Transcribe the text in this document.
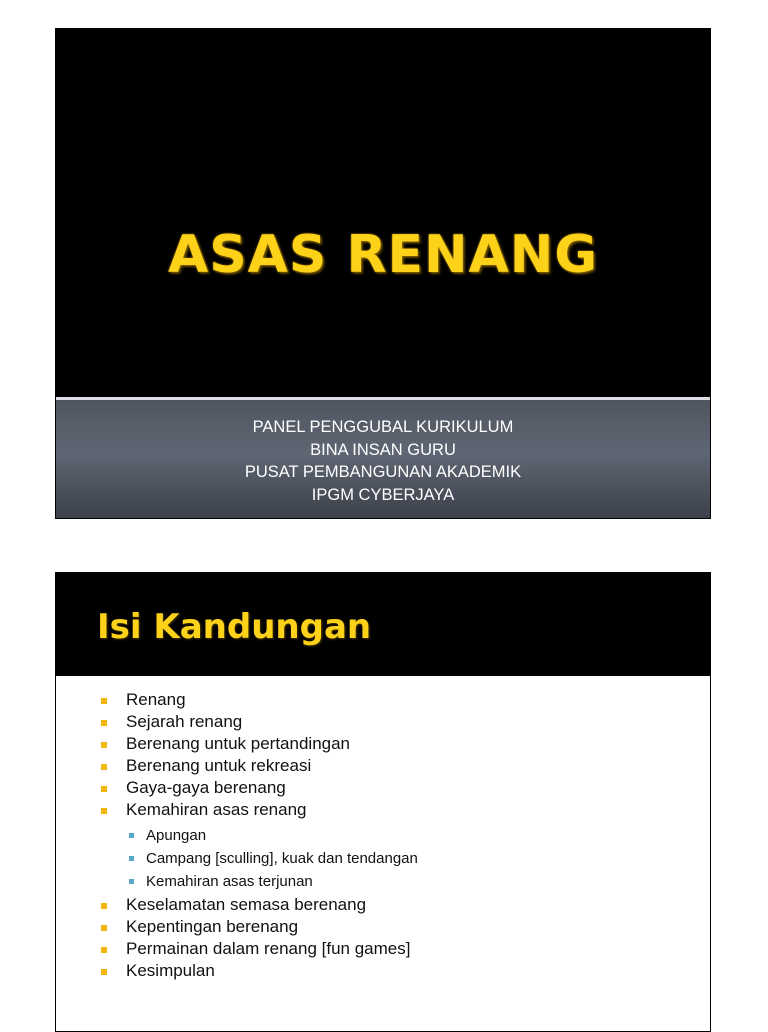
ASAS RENANG
PANEL PENGGUBAL KURIKULUM
BINA INSAN GURU
PUSAT PEMBANGUNAN AKADEMIK
IPGM CYBERJAYA
Isi Kandungan
Renang
Sejarah renang
Berenang untuk pertandingan
Berenang untuk rekreasi
Gaya-gaya berenang
Kemahiran asas renang
Apungan
Campang [sculling], kuak dan tendangan
Kemahiran asas terjunan
Keselamatan semasa berenang
Kepentingan berenang
Permainan dalam renang [fun games]
Kesimpulan
